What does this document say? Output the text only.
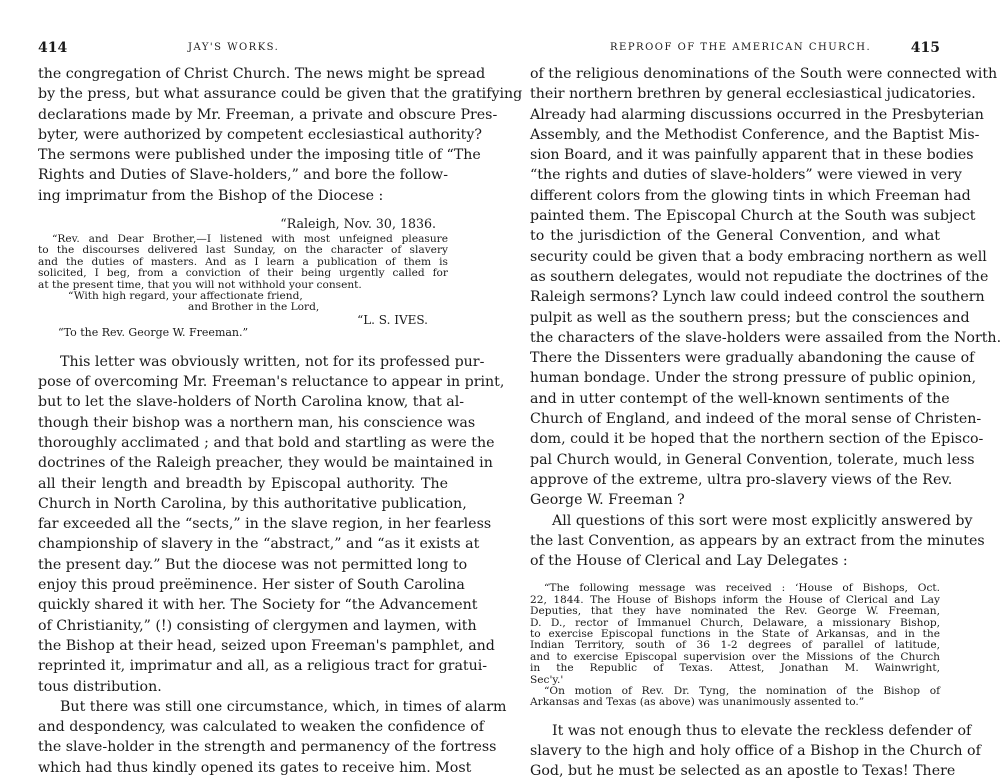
414	JAY'S WORKS.
the congregation of Christ Church. The news might be spread
by the press, but what assurance could be given that the gratifying
declarations made by Mr. Freeman, a private and obscure Pres-
byter, were authorized by competent ecclesiastical authority?
The sermons were published under the imposing title of “The
Rights and Duties of Slave-holders,” and bore the follow-
ing imprimatur from the Bishop of the Diocese :
“Raleigh, Nov. 30, 1836.
“Rev. and Dear Brother,—I listened with most unfeigned pleasure
to the discourses delivered last Sunday, on the character of slavery
and the duties of masters. And as I learn a publication of them is
solicited, I beg, from a conviction of their being urgently called for
at the present time, that you will not withhold your consent.
“With high regard, your affectionate friend,
and Brother in the Lord,
“L. S. IVES.
“To the Rev. George W. Freeman.”
This letter was obviously written, not for its professed pur-
pose of overcoming Mr. Freeman's reluctance to appear in print,
but to let the slave-holders of North Carolina know, that al-
though their bishop was a northern man, his conscience was
thoroughly acclimated ; and that bold and startling as were the
doctrines of the Raleigh preacher, they would be maintained in
all their length and breadth by Episcopal authority. The
Church in North Carolina, by this authoritative publication,
far exceeded all the “sects,” in the slave region, in her fearless
championship of slavery in the “abstract,” and “as it exists at
the present day.” But the diocese was not permitted long to
enjoy this proud preëminence. Her sister of South Carolina
quickly shared it with her. The Society for “the Advancement
of Christianity,” (!) consisting of clergymen and laymen, with
the Bishop at their head, seized upon Freeman's pamphlet, and
reprinted it, imprimatur and all, as a religious tract for gratui-
tous distribution.
But there was still one circumstance, which, in times of alarm
and despondency, was calculated to weaken the confidence of
the slave-holder in the strength and permanency of the fortress
which had thus kindly opened its gates to receive him. Most
REPROOF OF THE AMERICAN CHURCH.	415
of the religious denominations of the South were connected with
their northern brethren by general ecclesiastical judicatories.
Already had alarming discussions occurred in the Presbyterian
Assembly, and the Methodist Conference, and the Baptist Mis-
sion Board, and it was painfully apparent that in these bodies
“the rights and duties of slave-holders” were viewed in very
different colors from the glowing tints in which Freeman had
painted them. The Episcopal Church at the South was subject
to the jurisdiction of the General Convention, and what
security could be given that a body embracing northern as well
as southern delegates, would not repudiate the doctrines of the
Raleigh sermons? Lynch law could indeed control the southern
pulpit as well as the southern press; but the consciences and
the characters of the slave-holders were assailed from the North.
There the Dissenters were gradually abandoning the cause of
human bondage. Under the strong pressure of public opinion,
and in utter contempt of the well-known sentiments of the
Church of England, and indeed of the moral sense of Christen-
dom, could it be hoped that the northern section of the Episco-
pal Church would, in General Convention, tolerate, much less
approve of the extreme, ultra pro-slavery views of the Rev.
George W. Freeman ?
All questions of this sort were most explicitly answered by
the last Convention, as appears by an extract from the minutes
of the House of Clerical and Lay Delegates :
“The following message was received : ‘House of Bishops, Oct.
22, 1844. The House of Bishops inform the House of Clerical and Lay
Deputies, that they have nominated the Rev. George W. Freeman,
D. D., rector of Immanuel Church, Delaware, a missionary Bishop,
to exercise Episcopal functions in the State of Arkansas, and in the
Indian Territory, south of 36 1-2 degrees of parallel of latitude,
and to exercise Episcopal supervision over the Missions of the Church
in the Republic of Texas. Attest, Jonathan M. Wainwright,
Sec'y.'
“On motion of Rev. Dr. Tyng, the nomination of the Bishop of
Arkansas and Texas (as above) was unanimously assented to.”
It was not enough thus to elevate the reckless defender of
slavery to the high and holy office of a Bishop in the Church of
God, but he must be selected as an apostle to Texas! There
